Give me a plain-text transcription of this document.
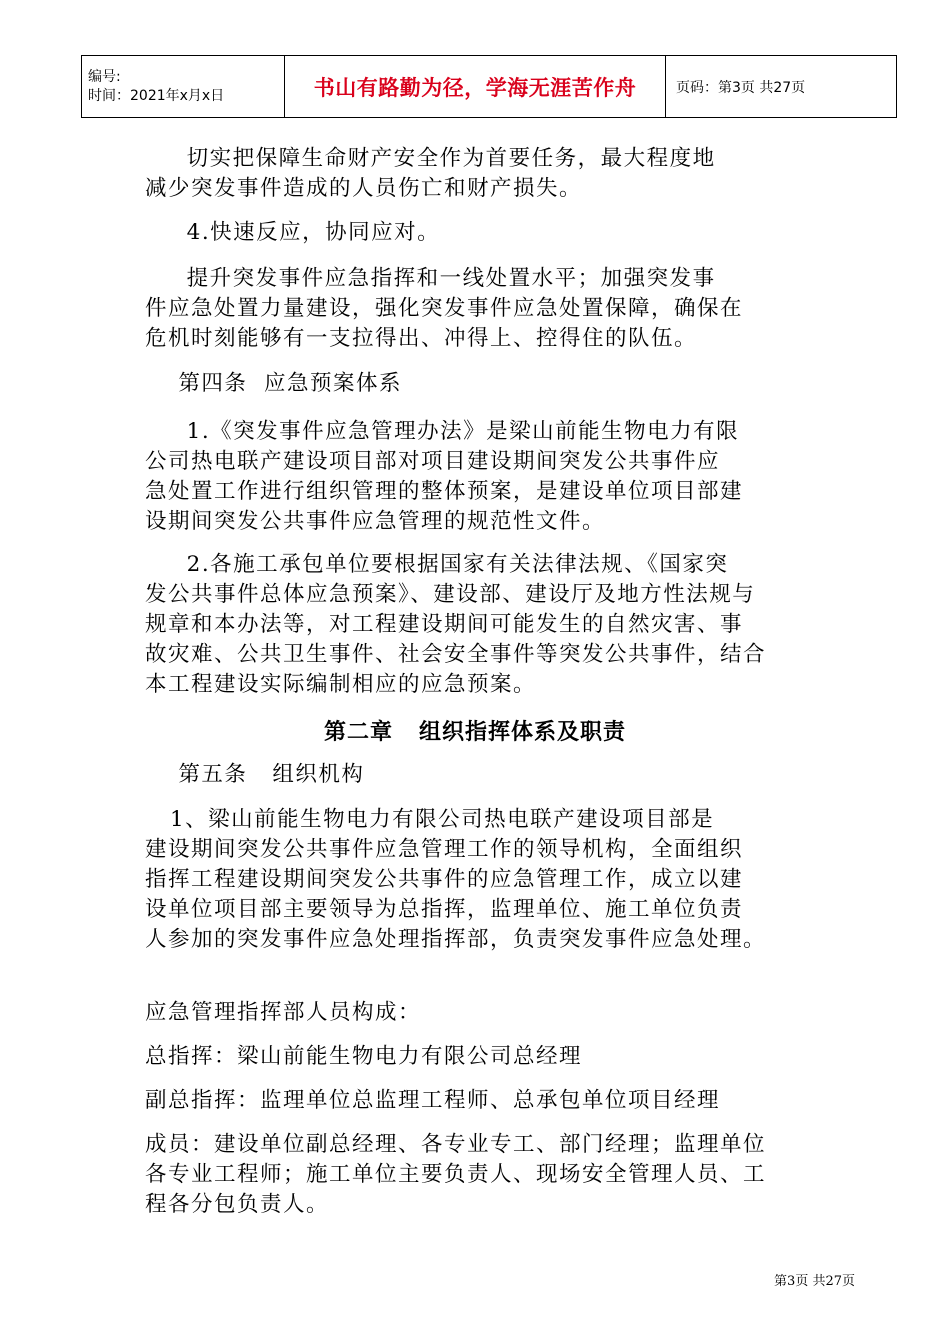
编号:
时间：2021年x月x日	书山有路勤为径，学海无涯苦作舟	页码：第3页 共27页

切实把保障生命财产安全作为首要任务，最大程度地
减少突发事件造成的人员伤亡和财产损失。

4.快速反应，协同应对。

提升突发事件应急指挥和一线处置水平；加强突发事
件应急处置力量建设，强化突发事件应急处置保障，确保在
危机时刻能够有一支拉得出、冲得上、控得住的队伍。

第四条  应急预案体系

1.《突发事件应急管理办法》是梁山前能生物电力有限
公司热电联产建设项目部对项目建设期间突发公共事件应
急处置工作进行组织管理的整体预案，是建设单位项目部建
设期间突发公共事件应急管理的规范性文件。

2.各施工承包单位要根据国家有关法律法规、《国家突
发公共事件总体应急预案》、建设部、建设厅及地方性法规与
规章和本办法等，对工程建设期间可能发生的自然灾害、事
故灾难、公共卫生事件、社会安全事件等突发公共事件，结合
本工程建设实际编制相应的应急预案。

第二章   组织指挥体系及职责

第五条   组织机构

1、梁山前能生物电力有限公司热电联产建设项目部是
建设期间突发公共事件应急管理工作的领导机构，全面组织
指挥工程建设期间突发公共事件的应急管理工作，成立以建
设单位项目部主要领导为总指挥，监理单位、施工单位负责
人参加的突发事件应急处理指挥部，负责突发事件应急处理。

应急管理指挥部人员构成：

总指挥：梁山前能生物电力有限公司总经理

副总指挥：监理单位总监理工程师、总承包单位项目经理

成员：建设单位副总经理、各专业专工、部门经理；监理单位
各专业工程师；施工单位主要负责人、现场安全管理人员、工
程各分包负责人。

第3页 共27页
